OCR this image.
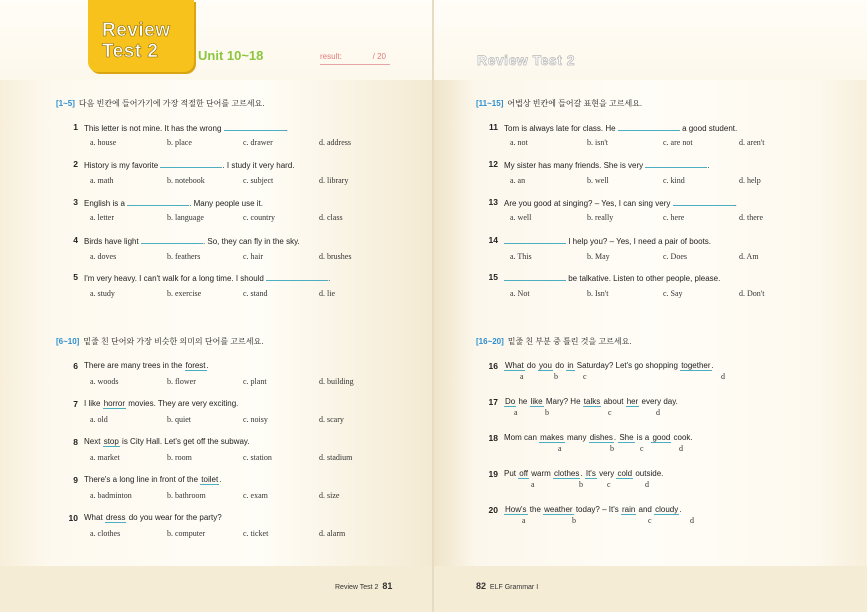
Review
Test 2	Unit 10~18	result:	/ 20	Review Test 2
[1~5] 다음 빈칸에 들어가기에 가장 적절한 단어를 고르세요.
[6~10] 밑줄 친 단어와 가장 비슷한 의미의 단어를 고르세요.
[11~15] 어법상 빈칸에 들어갈 표현을 고르세요.
[16~20] 밑줄 친 부분 중 틀린 것을 고르세요.
1 This letter is not mine. It has the wrong	.
a. house	b. place	c. drawer	d. address
2 History is my favorite	. I study it very hard.
a. math	b. notebook	c. subject	d. library
3 English is a	. Many people use it.
a. letter	b. language	c. country	d. class
4 Birds have light	. So, they can fly in the sky.
a. doves	b. feathers	c. hair	d. brushes
5 I'm very heavy. I can't walk for a long time. I should	.
a. study	b. exercise	c. stand	d. lie
6 There are many trees in the forest.
a. woods	b. flower	c. plant	d. building
7 I like horror movies. They are very exciting.
a. old	b. quiet	c. noisy	d. scary
8 Next stop is City Hall. Let's get off the subway.
a. market	b. room	c. station	d. stadium
9 There's a long line in front of the toilet.
a. badminton	b. bathroom	c. exam	d. size
10 What dress do you wear for the party?
a. clothes	b. computer	c. ticket	d. alarm
11 Tom is always late for class. He	a good student.
a. not	b. isn't	c. are not	d. aren't
12 My sister has many friends. She is very	.
a. an	b. well	c. kind	d. help
13 Are you good at singing? – Yes, I can sing very	.
a. well	b. really	c. here	d. there
14	I help you? – Yes, I need a pair of boots.
a. This	b. May	c. Does	d. Am
15	be talkative. Listen to other people, please.
a. Not	b. Isn't	c. Say	d. Don't
16 What do you do in Saturday? Let's go shopping together.
a	b	c	d
17 Do he like Mary? He talks about her every day.
a	b	c	d
18 Mom can makes many dishes. She is a good cook.
a	b	c	d
19 Put off warm clothes. It's very cold outside.
a	b	c	d
20 How's the weather today? – It's rain and cloudy.
a	b	c	d
Review Test 2 81	82 ELF Grammar I
